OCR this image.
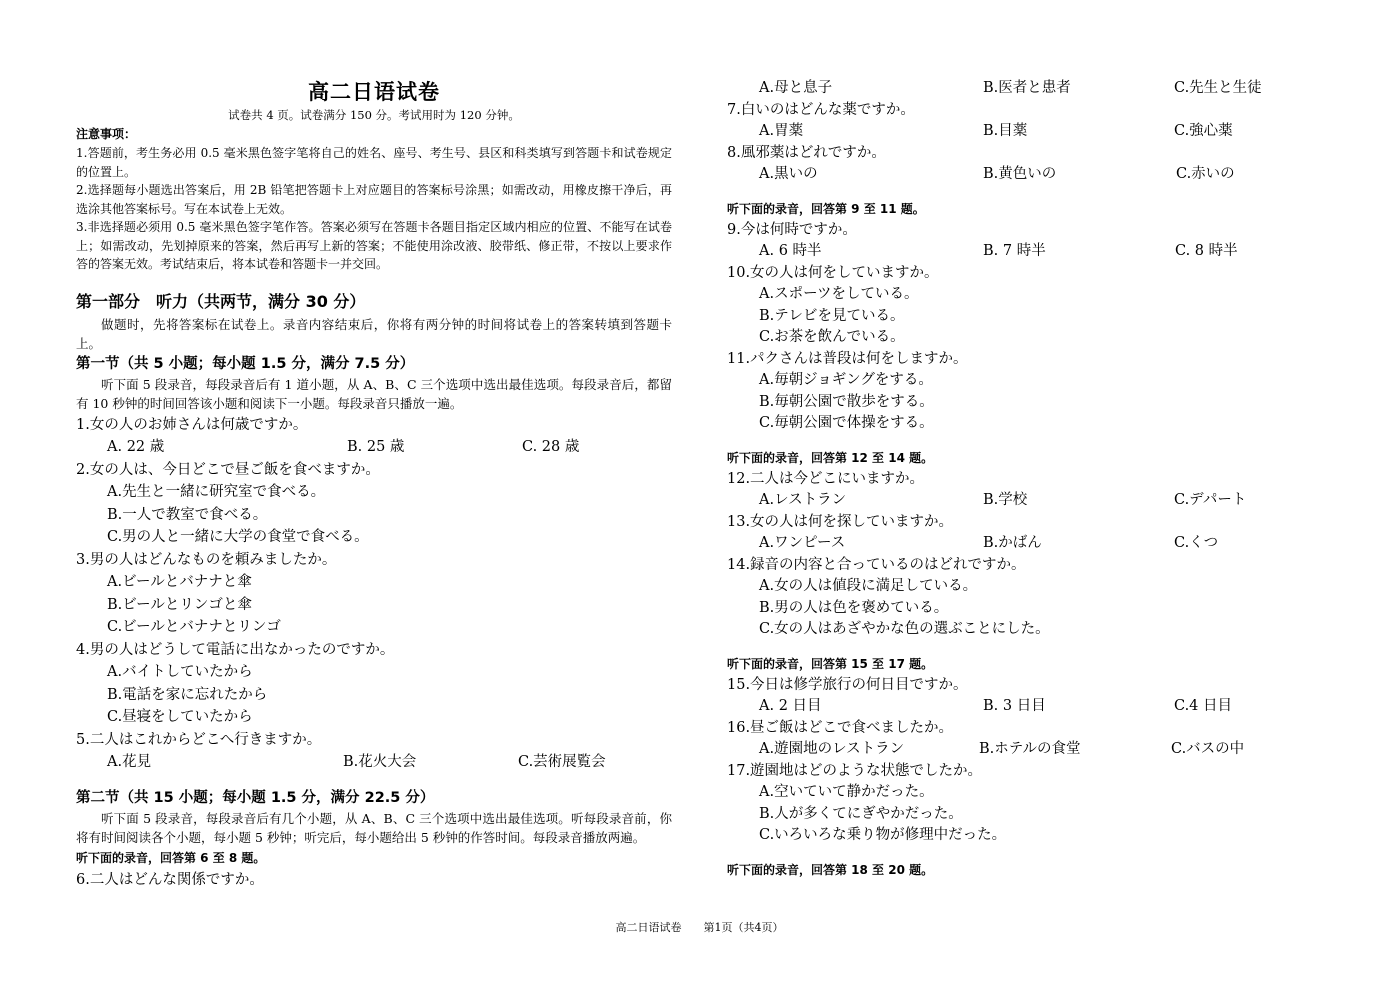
高二日语试卷
试卷共 4 页。试卷满分 150 分。考试用时为 120 分钟。
注意事项：
1.答题前，考生务必用 0.5 毫米黑色签字笔将自己的姓名、座号、考生号、县区和科类填写到答题卡和试卷规定的位置上。
2.选择题每小题选出答案后，用 2B 铅笔把答题卡上对应题目的答案标号涂黑；如需改动，用橡皮擦干净后，再选涂其他答案标号。写在本试卷上无效。
3.非选择题必须用 0.5 毫米黑色签字笔作答。答案必须写在答题卡各题目指定区域内相应的位置、不能写在试卷上；如需改动，先划掉原来的答案，然后再写上新的答案；不能使用涂改液、胶带纸、修正带，不按以上要求作答的答案无效。考试结束后，将本试卷和答题卡一并交回。
第一部分　听力（共两节，满分 30 分）
做题时，先将答案标在试卷上。录音内容结束后，你将有两分钟的时间将试卷上的答案转填到答题卡上。
第一节（共 5 小题；每小题 1.5 分，满分 7.5 分）
听下面 5 段录音，每段录音后有 1 道小题，从 A、B、C 三个选项中选出最佳选项。每段录音后，都留有 10 秒钟的时间回答该小题和阅读下一小题。每段录音只播放一遍。
1.女の人のお姉さんは何歳ですか。
A. 22 歳	B. 25 歳	C. 28 歳
2.女の人は、今日どこで昼ご飯を食べますか。
A.先生と一緒に研究室で食べる。
B.一人で教室で食べる。
C.男の人と一緒に大学の食堂で食べる。
3.男の人はどんなものを頼みましたか。
A.ビールとバナナと傘
B.ビールとリンゴと傘
C.ビールとバナナとリンゴ
4.男の人はどうして電話に出なかったのですか。
A.バイトしていたから
B.電話を家に忘れたから
C.昼寝をしていたから
5.二人はこれからどこへ行きますか。
A.花見	B.花火大会	C.芸術展覧会
第二节（共 15 小题；每小题 1.5 分，满分 22.5 分）
听下面 5 段录音，每段录音后有几个小题，从 A、B、C 三个选项中选出最佳选项。听每段录音前，你将有时间阅读各个小题，每小题 5 秒钟；听完后，每小题给出 5 秒钟的作答时间。每段录音播放两遍。
听下面的录音，回答第 6 至 8 题。
6.二人はどんな関係ですか。
A.母と息子	B.医者と患者	C.先生と生徒
7.白いのはどんな薬ですか。
A.胃薬	B.目薬	C.強心薬
8.風邪薬はどれですか。
A.黒いの	B.黄色いの	C.赤いの
听下面的录音，回答第 9 至 11 题。
9.今は何時ですか。
A. 6 時半	B. 7 時半	C. 8 時半
10.女の人は何をしていますか。
A.スポーツをしている。
B.テレビを見ている。
C.お茶を飲んでいる。
11.パクさんは普段は何をしますか。
A.毎朝ジョギングをする。
B.毎朝公園で散歩をする。
C.毎朝公園で体操をする。
听下面的录音，回答第 12 至 14 题。
12.二人は今どこにいますか。
A.レストラン	B.学校	C.デパート
13.女の人は何を探していますか。
A.ワンピース	B.かばん	C.くつ
14.録音の内容と合っているのはどれですか。
A.女の人は値段に満足している。
B.男の人は色を褒めている。
C.女の人はあざやかな色の選ぶことにした。
听下面的录音，回答第 15 至 17 题。
15.今日は修学旅行の何日目ですか。
A. 2 日目	B. 3 日目	C.4 日目
16.昼ご飯はどこで食べましたか。
A.遊園地のレストラン	B.ホテルの食堂	C.バスの中
17.遊園地はどのような状態でしたか。
A.空いていて静かだった。
B.人が多くてにぎやかだった。
C.いろいろな乗り物が修理中だった。
听下面的录音，回答第 18 至 20 题。
高二日语试卷　　第1页（共4页）
